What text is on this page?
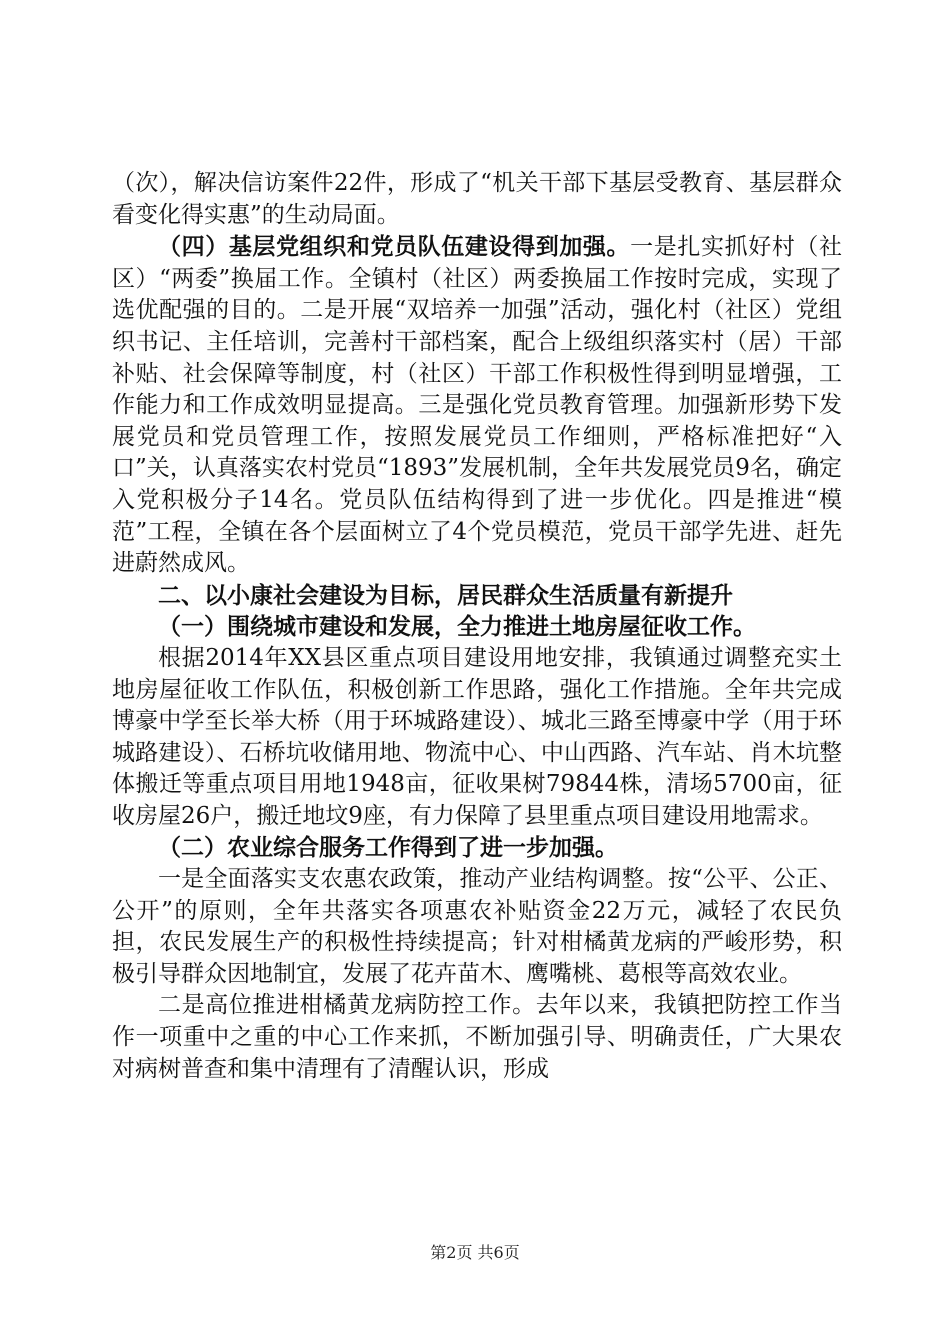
（次），解决信访案件22件，形成了“机关干部下基层受教育、基层群众看变化得实惠”的生动局面。

（四）基层党组织和党员队伍建设得到加强。一是扎实抓好村（社区）“两委”换届工作。全镇村（社区）两委换届工作按时完成，实现了选优配强的目的。二是开展“双培养一加强”活动，强化村（社区）党组织书记、主任培训，完善村干部档案，配合上级组织落实村（居）干部补贴、社会保障等制度，村（社区）干部工作积极性得到明显增强，工作能力和工作成效明显提高。三是强化党员教育管理。加强新形势下发展党员和党员管理工作，按照发展党员工作细则，严格标准把好“入口”关，认真落实农村党员“1893”发展机制，全年共发展党员9名，确定入党积极分子14名。党员队伍结构得到了进一步优化。四是推进“模范”工程，全镇在各个层面树立了4个党员模范，党员干部学先进、赶先进蔚然成风。

二、以小康社会建设为目标，居民群众生活质量有新提升

（一）围绕城市建设和发展，全力推进土地房屋征收工作。

根据2014年XX县区重点项目建设用地安排，我镇通过调整充实土地房屋征收工作队伍，积极创新工作思路，强化工作措施。全年共完成博豪中学至长举大桥（用于环城路建设）、城北三路至博豪中学（用于环城路建设）、石桥坑收储用地、物流中心、中山西路、汽车站、肖木坑整体搬迁等重点项目用地1948亩，征收果树79844株，清场5700亩，征收房屋26户，搬迁地坟9座，有力保障了县里重点项目建设用地需求。

（二）农业综合服务工作得到了进一步加强。

一是全面落实支农惠农政策，推动产业结构调整。按“公平、公正、公开”的原则，全年共落实各项惠农补贴资金22万元，减轻了农民负担，农民发展生产的积极性持续提高；针对柑橘黄龙病的严峻形势，积极引导群众因地制宜，发展了花卉苗木、鹰嘴桃、葛根等高效农业。

二是高位推进柑橘黄龙病防控工作。去年以来，我镇把防控工作当作一项重中之重的中心工作来抓，不断加强引导、明确责任，广大果农对病树普查和集中清理有了清醒认识，形成

第2页 共6页
